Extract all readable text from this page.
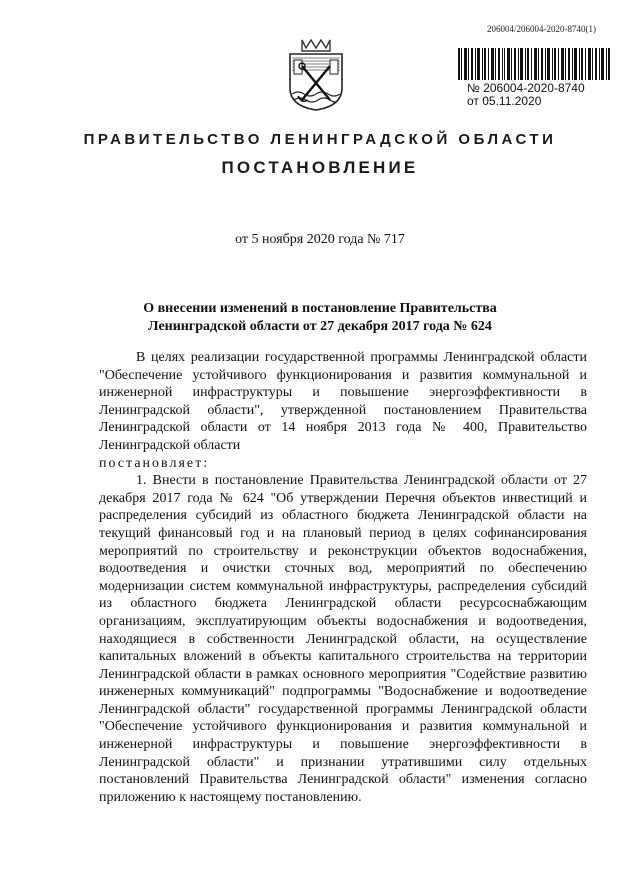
206004/206004-2020-8740(1)
№ 206004-2020-8740
от 05.11.2020
ПРАВИТЕЛЬСТВО ЛЕНИНГРАДСКОЙ ОБЛАСТИ
ПОСТАНОВЛЕНИЕ
от 5 ноября 2020 года № 717
О внесении изменений в постановление Правительства
Ленинградской области от 27 декабря 2017 года № 624

В целях реализации государственной программы Ленинградской области "Обеспечение устойчивого функционирования и развития коммунальной и инженерной инфраструктуры и повышение энергоэффективности в Ленинградской области", утвержденной постановлением Правительства Ленинградской области от 14 ноября 2013 года № 400, Правительство Ленинградской области

постановляет:

1. Внести в постановление Правительства Ленинградской области от 27 декабря 2017 года № 624 "Об утверждении Перечня объектов инвестиций и распределения субсидий из областного бюджета Ленинградской области на текущий финансовый год и на плановый период в целях софинансирования мероприятий по строительству и реконструкции объектов водоснабжения, водоотведения и очистки сточных вод, мероприятий по обеспечению модернизации систем коммунальной инфраструктуры, распределения субсидий из областного бюджета Ленинградской области ресурсоснабжающим организациям, эксплуатирующим объекты водоснабжения и водоотведения, находящиеся в собственности Ленинградской области, на осуществление капитальных вложений в объекты капитального строительства на территории Ленинградской области в рамках основного мероприятия "Содействие развитию инженерных коммуникаций" подпрограммы "Водоснабжение и водоотведение Ленинградской области" государственной программы Ленинградской области "Обеспечение устойчивого функционирования и развития коммунальной и инженерной инфраструктуры и повышение энергоэффективности в Ленинградской области" и признании утратившими силу отдельных постановлений Правительства Ленинградской области" изменения согласно приложению к настоящему постановлению.
